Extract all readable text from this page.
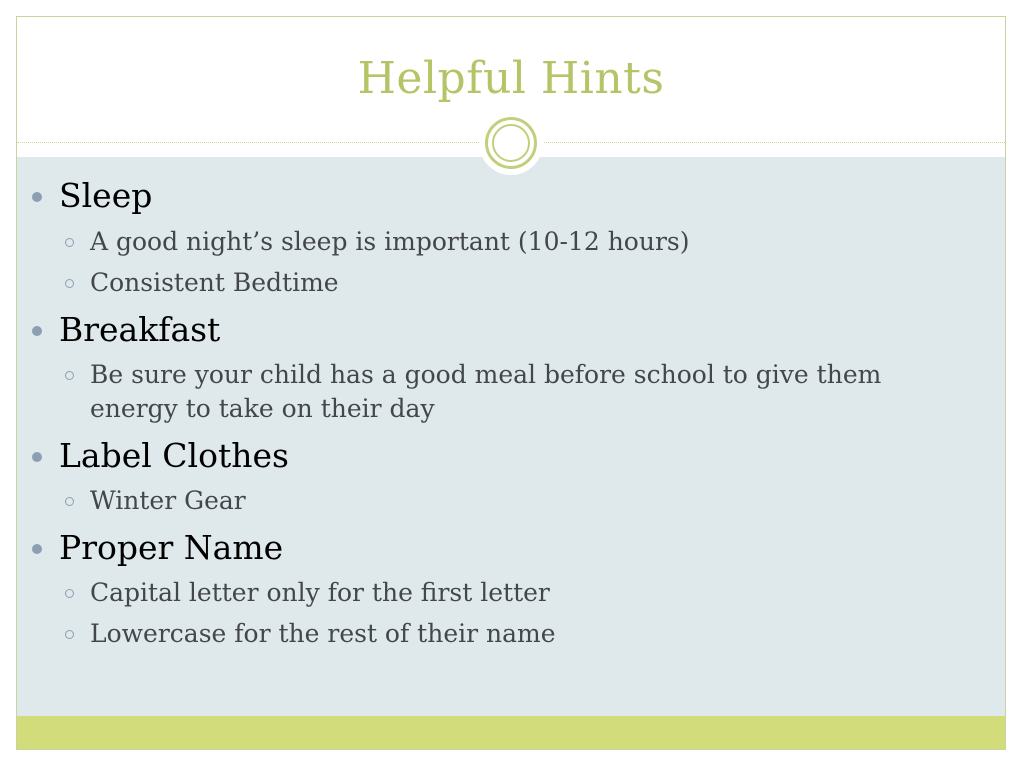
Helpful Hints
Sleep
A good night’s sleep is important (10-12 hours)
Consistent Bedtime
Breakfast
Be sure your child has a good meal before school to give them energy to take on their day
Label Clothes
Winter Gear
Proper Name
Capital letter only for the first letter
Lowercase for the rest of their name
